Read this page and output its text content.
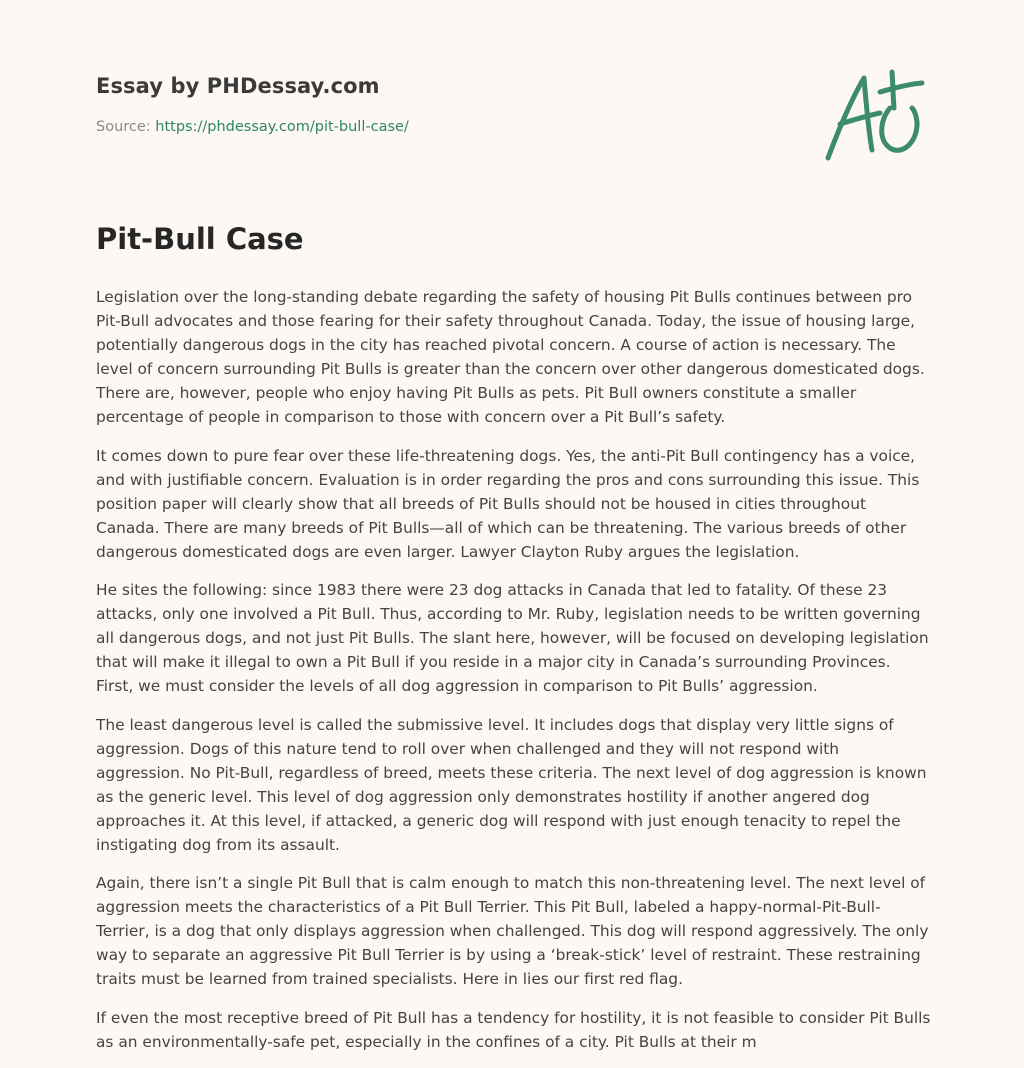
Essay by PHDessay.com
Source: https://phdessay.com/pit-bull-case/
Pit-Bull Case

Legislation over the long-standing debate regarding the safety of housing Pit Bulls continues between pro Pit-Bull advocates and those fearing for their safety throughout Canada. Today, the issue of housing large, potentially dangerous dogs in the city has reached pivotal concern. A course of action is necessary. The level of concern surrounding Pit Bulls is greater than the concern over other dangerous domesticated dogs. There are, however, people who enjoy having Pit Bulls as pets. Pit Bull owners constitute a smaller percentage of people in comparison to those with concern over a Pit Bull’s safety.

It comes down to pure fear over these life-threatening dogs. Yes, the anti-Pit Bull contingency has a voice, and with justifiable concern. Evaluation is in order regarding the pros and cons surrounding this issue. This position paper will clearly show that all breeds of Pit Bulls should not be housed in cities throughout Canada. There are many breeds of Pit Bulls—all of which can be threatening. The various breeds of other dangerous domesticated dogs are even larger. Lawyer Clayton Ruby argues the legislation.

He sites the following: since 1983 there were 23 dog attacks in Canada that led to fatality. Of these 23 attacks, only one involved a Pit Bull. Thus, according to Mr. Ruby, legislation needs to be written governing all dangerous dogs, and not just Pit Bulls. The slant here, however, will be focused on developing legislation that will make it illegal to own a Pit Bull if you reside in a major city in Canada’s surrounding Provinces. First, we must consider the levels of all dog aggression in comparison to Pit Bulls’ aggression.

The least dangerous level is called the submissive level. It includes dogs that display very little signs of aggression. Dogs of this nature tend to roll over when challenged and they will not respond with aggression. No Pit-Bull, regardless of breed, meets these criteria. The next level of dog aggression is known as the generic level. This level of dog aggression only demonstrates hostility if another angered dog approaches it. At this level, if attacked, a generic dog will respond with just enough tenacity to repel the instigating dog from its assault.

Again, there isn’t a single Pit Bull that is calm enough to match this non-threatening level. The next level of aggression meets the characteristics of a Pit Bull Terrier. This Pit Bull, labeled a happy-normal-Pit-Bull-Terrier, is a dog that only displays aggression when challenged. This dog will respond aggressively. The only way to separate an aggressive Pit Bull Terrier is by using a ‘break-stick’ level of restraint. These restraining traits must be learned from trained specialists. Here in lies our first red flag.

If even the most receptive breed of Pit Bull has a tendency for hostility, it is not feasible to consider Pit Bulls as an environmentally-safe pet, especially in the confines of a city. Pit Bulls at their m
